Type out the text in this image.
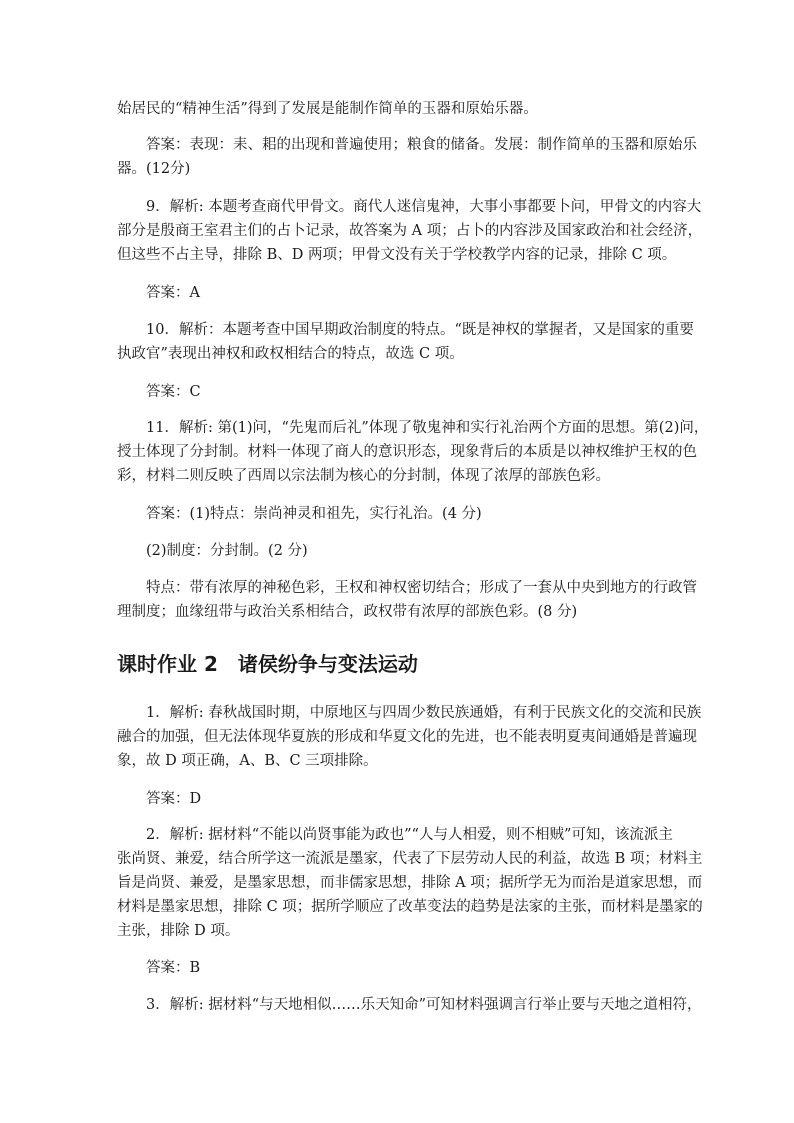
始居民的“精神生活”得到了发展是能制作简单的玉器和原始乐器。
答案：表现：耒、耜的出现和普遍使用；粮食的储备。发展：制作简单的玉器和原始乐
器。(12分)
9．解析: 本题考查商代甲骨文。商代人迷信鬼神，大事小事都要卜问，甲骨文的内容大
部分是殷商王室君主们的占卜记录，故答案为 A 项；占卜的内容涉及国家政治和社会经济，
但这些不占主导，排除 B、D 两项；甲骨文没有关于学校教学内容的记录，排除 C 项。
答案：A
10．解析：本题考查中国早期政治制度的特点。“既是神权的掌握者，又是国家的重要
执政官”表现出神权和政权相结合的特点，故选 C 项。
答案：C
11．解析: 第(1)问，“先鬼而后礼”体现了敬鬼神和实行礼治两个方面的思想。第(2)问，
授土体现了分封制。材料一体现了商人的意识形态，现象背后的本质是以神权维护王权的色
彩，材料二则反映了西周以宗法制为核心的分封制，体现了浓厚的部族色彩。
答案：(1)特点：崇尚神灵和祖先，实行礼治。(4 分)
(2)制度：分封制。(2 分)
特点：带有浓厚的神秘色彩，王权和神权密切结合；形成了一套从中央到地方的行政管
理制度；血缘纽带与政治关系相结合，政权带有浓厚的部族色彩。(8 分)
课时作业 2　诸侯纷争与变法运动
1．解析: 春秋战国时期，中原地区与四周少数民族通婚，有利于民族文化的交流和民族
融合的加强，但无法体现华夏族的形成和华夏文化的先进，也不能表明夏夷间通婚是普遍现
象，故 D 项正确，A、B、C 三项排除。
答案：D
2．解析: 据材料“不能以尚贤事能为政也”“人与人相爱，则不相贼”可知，该流派主
张尚贤、兼爱，结合所学这一流派是墨家，代表了下层劳动人民的利益，故选 B 项；材料主
旨是尚贤、兼爱，是墨家思想，而非儒家思想，排除 A 项；据所学无为而治是道家思想，而
材料是墨家思想，排除 C 项；据所学顺应了改革变法的趋势是法家的主张，而材料是墨家的
主张，排除 D 项。
答案：B
3．解析: 据材料“与天地相似……乐天知命”可知材料强调言行举止要与天地之道相符，
